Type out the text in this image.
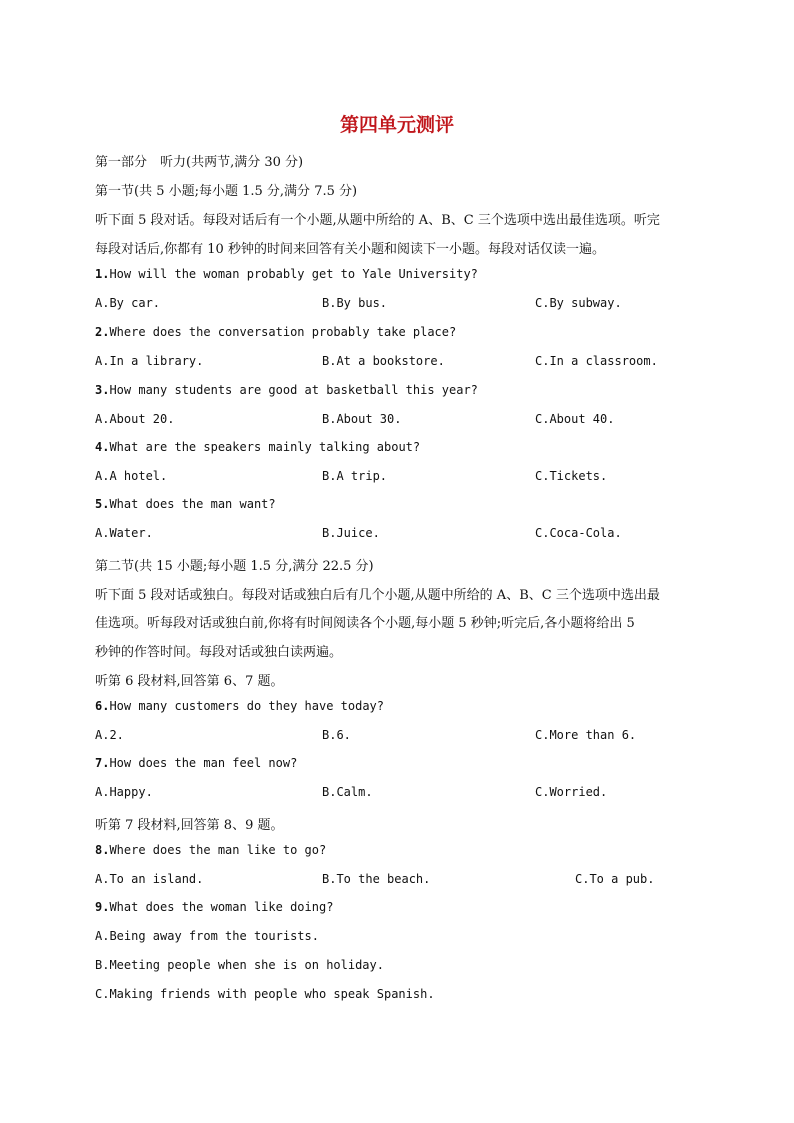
第四单元测评
第一部分　听力(共两节,满分 30 分)
第一节(共 5 小题;每小题 1.5 分,满分 7.5 分)
听下面 5 段对话。每段对话后有一个小题,从题中所给的 A、B、C 三个选项中选出最佳选项。听完
每段对话后,你都有 10 秒钟的时间来回答有关小题和阅读下一小题。每段对话仅读一遍。
1.How will the woman probably get to Yale University?
A.By car.	B.By bus.	C.By subway.
2.Where does the conversation probably take place?
A.In a library.	B.At a bookstore.	C.In a classroom.
3.How many students are good at basketball this year?
A.About 20.	B.About 30.	C.About 40.
4.What are the speakers mainly talking about?
A.A hotel.	B.A trip.	C.Tickets.
5.What does the man want?
A.Water.	B.Juice.	C.Coca-Cola.
第二节(共 15 小题;每小题 1.5 分,满分 22.5 分)
听下面 5 段对话或独白。每段对话或独白后有几个小题,从题中所给的 A、B、C 三个选项中选出最
佳选项。听每段对话或独白前,你将有时间阅读各个小题,每小题 5 秒钟;听完后,各小题将给出 5
秒钟的作答时间。每段对话或独白读两遍。
听第 6 段材料,回答第 6、7 题。
6.How many customers do they have today?
A.2.	B.6.	C.More than 6.
7.How does the man feel now?
A.Happy.	B.Calm.	C.Worried.
听第 7 段材料,回答第 8、9 题。
8.Where does the man like to go?
A.To an island.	B.To the beach.	C.To a pub.
9.What does the woman like doing?
A.Being away from the tourists.
B.Meeting people when she is on holiday.
C.Making friends with people who speak Spanish.
